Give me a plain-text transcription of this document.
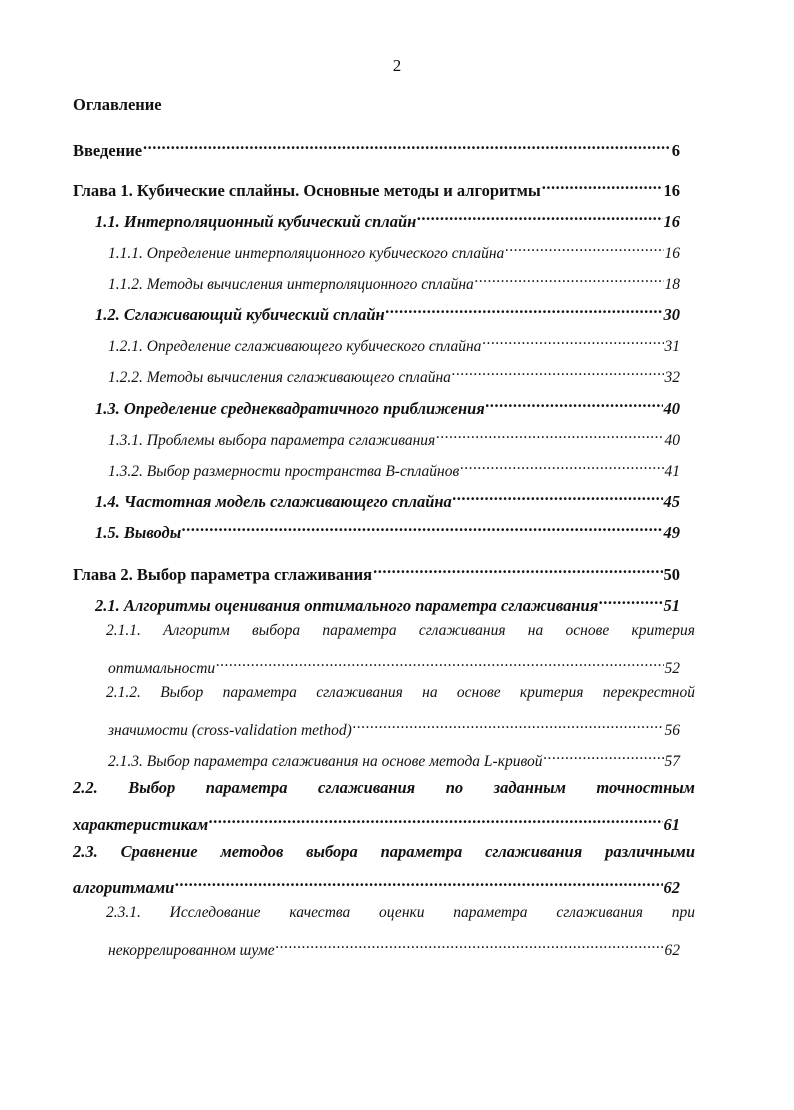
2
Оглавление
Введение .....	6
Глава 1. Кубические сплайны. Основные методы и алгоритмы .....	16
1.1. Интерполяционный кубический сплайн .....	16
1.1.1. Определение интерполяционного кубического сплайна .....	16
1.1.2. Методы вычисления интерполяционного сплайна .....	18
1.2. Сглаживающий кубический сплайн .....	30
1.2.1. Определение сглаживающего кубического сплайна .....	31
1.2.2. Методы вычисления сглаживающего сплайна .....	32
1.3. Определение среднеквадратичного приближения .....	40
1.3.1. Проблемы выбора параметра сглаживания .....	40
1.3.2. Выбор размерности пространства B-сплайнов .....	41
1.4. Частотная модель сглаживающего сплайна .....	45
1.5. Выводы .....	49
Глава 2. Выбор параметра сглаживания .....	50
2.1. Алгоритмы оценивания оптимального параметра сглаживания .....	51
2.1.1. Алгоритм выбора параметра сглаживания на основе критерия
оптимальности .....	52
2.1.2. Выбор параметра сглаживания на основе критерия перекрестной
значимости (cross-validation method) .....	56
2.1.3. Выбор параметра сглаживания на основе метода L-кривой .....	57
2.2. Выбор параметра сглаживания по заданным точностным
характеристикам .....	61
2.3. Сравнение методов выбора параметра сглаживания различными
алгоритмами .....	62
2.3.1. Исследование качества оценки параметра сглаживания при
некоррелированном шуме .....	62
